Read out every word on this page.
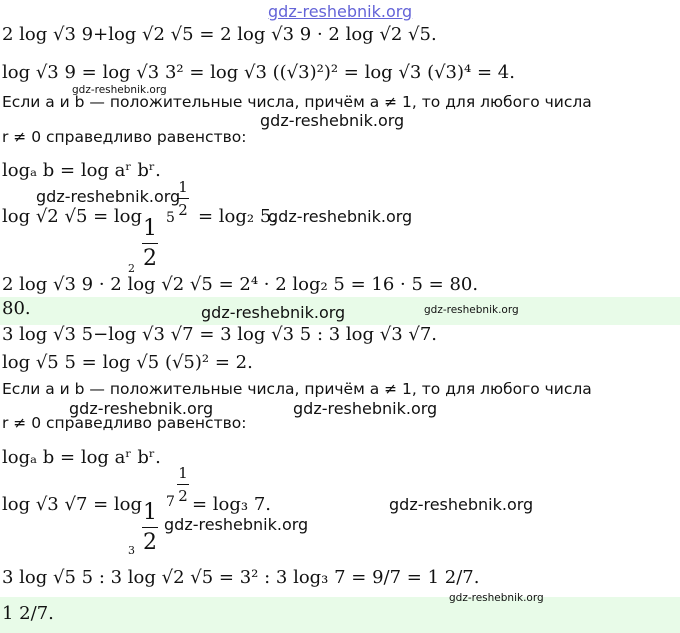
2 log √3 9+log √2 √5 = 2 log √3 9 · 2 log √2 √5.
log √3 9 = log √3 3² = log √3 ((√3)²)² = log √3 (√3)⁴ = 4.
Если a и b — положительные числа, причём a ≠ 1, то для любого числа
r ≠ 0 справедливо равенство:
logₐ b = log aʳ bʳ.
log √2 √5 = log 1
2
5
1
2 = log₂ 5.
2
2 log √3 9 · 2 log √2 √5 = 2⁴ · 2 log₂ 5 = 16 · 5 = 80.
80.
3 log √3 5−log √3 √7 = 3 log √3 5 : 3 log √3 √7.
log √5 5 = log √5 (√5)² = 2.
Если a и b — положительные числа, причём a ≠ 1, то для любого числа
r ≠ 0 справедливо равенство:
logₐ b = log aʳ bʳ.
log √3 √7 = log 1
2
7
1
2 = log₃ 7.
3
3 log √5 5 : 3 log √2 √5 = 3² : 3 log₃ 7 = 9/7 = 1 2/7.
1 2/7.
gdz-reshebnik.org
gdz-reshebnik.org
gdz-reshebnik.org
gdz-reshebnik.org
gdz-reshebnik.org
gdz-reshebnik.org	gdz-reshebnik.org
gdz-reshebnik.org	gdz-reshebnik.org
gdz-reshebnik.org
gdz-reshebnik.org
gdz-reshebnik.org
